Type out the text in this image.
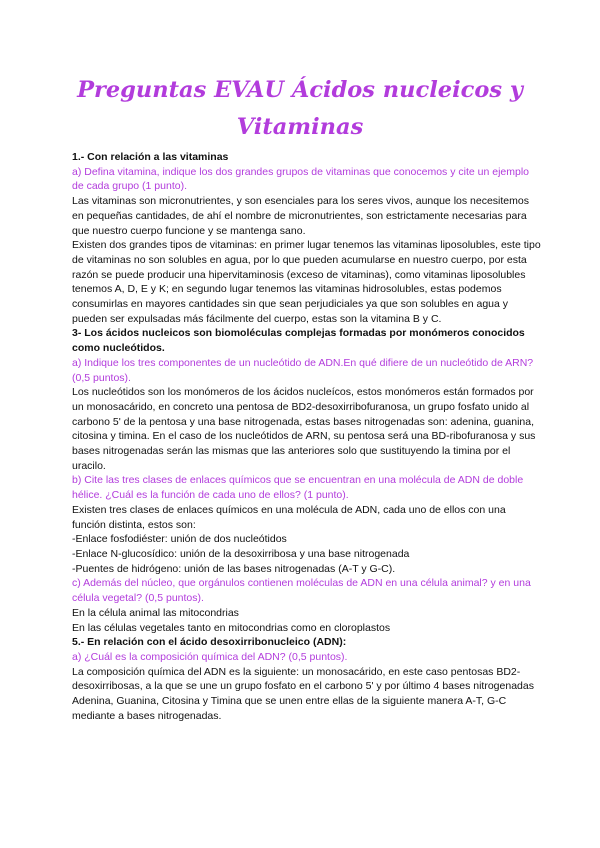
Preguntas EVAU Ácidos nucleicos y Vitaminas

1.- Con relación a las vitaminas

a) Defina vitamina, indique los dos grandes grupos de vitaminas que conocemos y cite un ejemplo de cada grupo (1 punto).

Las vitaminas son micronutrientes, y son esenciales para los seres vivos, aunque los necesitemos en pequeñas cantidades, de ahí el nombre de micronutrientes, son estrictamente necesarias para que nuestro cuerpo funcione y se mantenga sano.

Existen dos grandes tipos de vitaminas: en primer lugar tenemos las vitaminas liposolubles, este tipo de vitaminas no son solubles en agua, por lo que pueden acumularse en nuestro cuerpo, por esta razón se puede producir una hipervitaminosis (exceso de vitaminas), como vitaminas liposolubles tenemos A, D, E y K; en segundo lugar tenemos las vitaminas hidrosolubles, estas podemos consumirlas en mayores cantidades sin que sean perjudiciales ya que son solubles en agua y pueden ser expulsadas más fácilmente del cuerpo, estas son la vitamina B y C.

3- Los ácidos nucleicos son biomoléculas complejas formadas por monómeros conocidos como nucleótidos.

a) Indique los tres componentes de un nucleótido de ADN.En qué difiere de un nucleótido de ARN? (0,5 puntos).

Los nucleótidos son los monómeros de los ácidos nucleícos, estos monómeros están formados por un monosacárido, en concreto una pentosa de BD2-desoxirribofuranosa, un grupo fosfato unido al carbono 5' de la pentosa y una base nitrogenada, estas bases nitrogenadas son: adenina, guanina, citosina y timina. En el caso de los nucleótidos de ARN, su pentosa será una BD-ribofuranosa y sus bases nitrogenadas serán las mismas que las anteriores solo que sustituyendo la timina por el uracilo.

b) Cite las tres clases de enlaces químicos que se encuentran en una molécula de ADN de doble hélice. ¿Cuál es la función de cada uno de ellos? (1 punto).

Existen tres clases de enlaces químicos en una molécula de ADN, cada uno de ellos con una función distinta, estos son:

-Enlace fosfodiéster: unión de dos nucleótidos

-Enlace N-glucosídico: unión de la desoxirribosa y una base nitrogenada

-Puentes de hidrógeno: unión de las bases nitrogenadas (A-T y G-C).

c) Además del núcleo, que orgánulos contienen moléculas de ADN en una célula animal? y en una célula vegetal? (0,5 puntos).

En la célula animal las mitocondrias

En las células vegetales tanto en mitocondrias como en cloroplastos

5.- En relación con el ácido desoxirribonucleico (ADN):

a) ¿Cuál es la composición química del ADN? (0,5 puntos).

La composición química del ADN es la siguiente: un monosacárido, en este caso pentosas BD2-desoxirribosas, a la que se une un grupo fosfato en el carbono 5' y por último 4 bases nitrogenadas Adenina, Guanina, Citosina y Timina que se unen entre ellas de la siguiente manera A-T, G-C mediante a bases nitrogenadas.
